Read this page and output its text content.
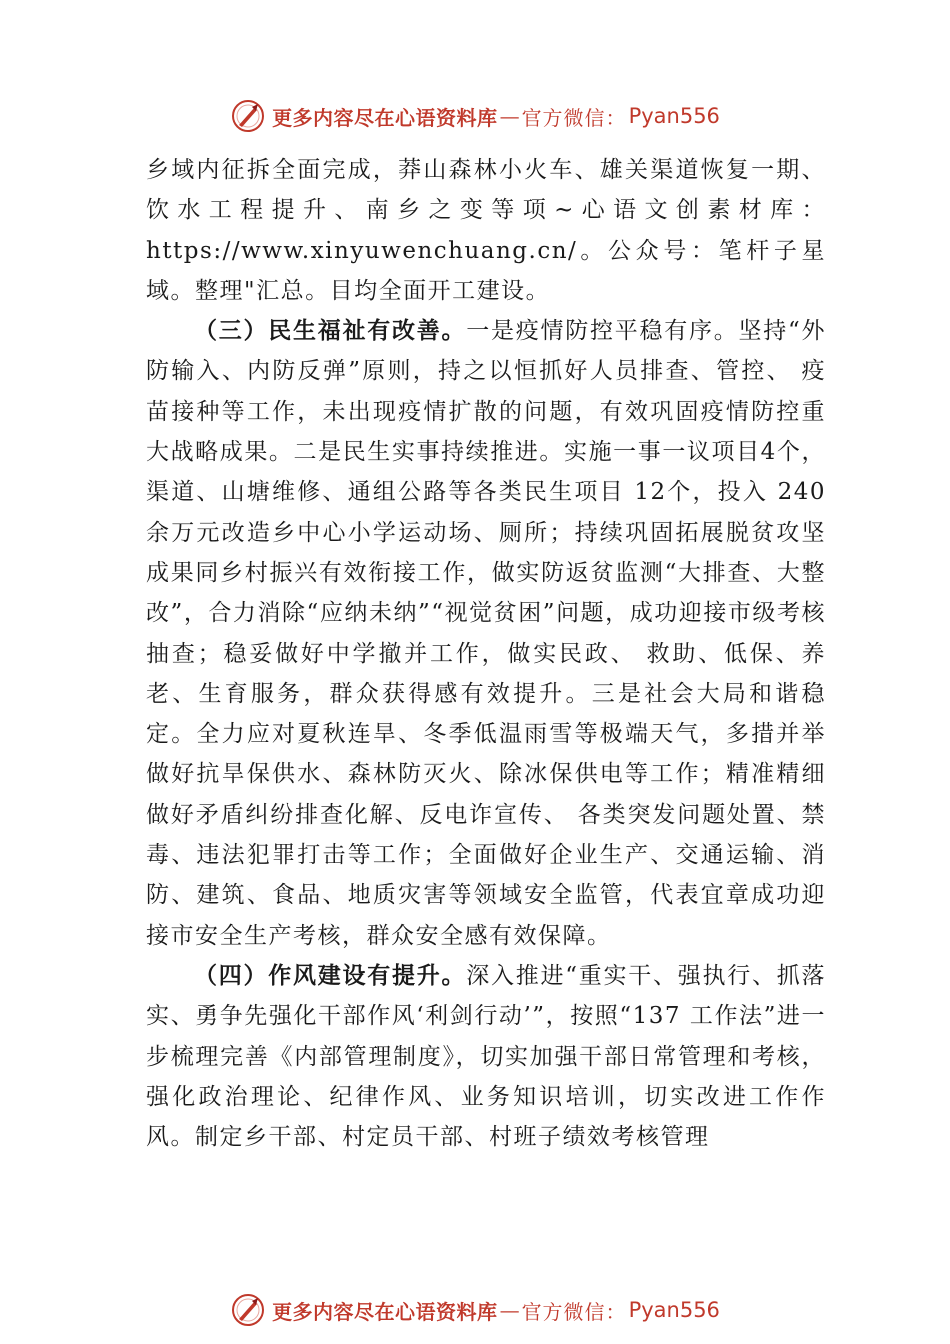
更多内容尽在心语资料库 — 官方微信： Pyan556

乡域内征拆全面完成，莽山森林小火车、雄关渠道恢复一期、饮水工程提升、南乡之变等项~心语文创素材库：https://www.xinyuwenchuang.cn/。公众号：笔杆子星域。整理"汇总。目均全面开工建设。

（三）民生福祉有改善。一是疫情防控平稳有序。坚持“外防输入、内防反弹”原则，持之以恒抓好人员排查、管控、 疫苗接种等工作，未出现疫情扩散的问题，有效巩固疫情防控重大战略成果。二是民生实事持续推进。实施一事一议项目4个，渠道、山塘维修、通组公路等各类民生项目 12个，投入 240余万元改造乡中心小学运动场、厕所；持续巩固拓展脱贫攻坚成果同乡村振兴有效衔接工作，做实防返贫监测“大排查、大整改”，合力消除“应纳未纳”“视觉贫困”问题，成功迎接市级考核抽查；稳妥做好中学撤并工作，做实民政、 救助、低保、养老、生育服务，群众获得感有效提升。三是社会大局和谐稳定。全力应对夏秋连旱、冬季低温雨雪等极端天气，多措并举做好抗旱保供水、森林防灭火、除冰保供电等工作；精准精细做好矛盾纠纷排查化解、反电诈宣传、 各类突发问题处置、禁毒、违法犯罪打击等工作；全面做好企业生产、交通运输、消防、建筑、食品、地质灾害等领域安全监管，代表宜章成功迎接市安全生产考核，群众安全感有效保障。

（四）作风建设有提升。深入推进“重实干、强执行、抓落实、勇争先强化干部作风‘利剑行动’”，按照“137 工作法”进一步梳理完善《内部管理制度》，切实加强干部日常管理和考核，强化政治理论、纪律作风、业务知识培训，切实改进工作作风。制定乡干部、村定员干部、村班子绩效考核管理

更多内容尽在心语资料库 — 官方微信： Pyan556
